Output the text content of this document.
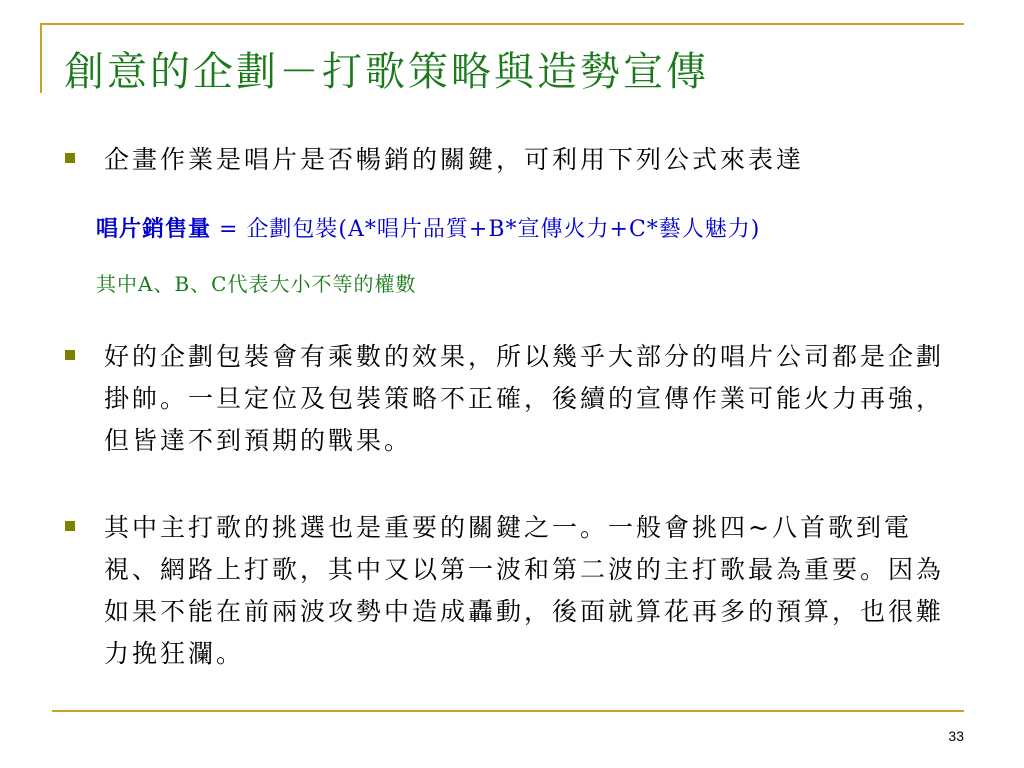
創意的企劃－打歌策略與造勢宣傳

企畫作業是唱片是否暢銷的關鍵，可利用下列公式來表達

唱片銷售量 = 企劃包裝(A*唱片品質+B*宣傳火力+C*藝人魅力)

其中A、B、C代表大小不等的權數

好的企劃包裝會有乘數的效果，所以幾乎大部分的唱片公司都是企劃掛帥。一旦定位及包裝策略不正確，後續的宣傳作業可能火力再強，但皆達不到預期的戰果。

其中主打歌的挑選也是重要的關鍵之一。一般會挑四~八首歌到電視、網路上打歌，其中又以第一波和第二波的主打歌最為重要。因為如果不能在前兩波攻勢中造成轟動，後面就算花再多的預算，也很難力挽狂瀾。

33
